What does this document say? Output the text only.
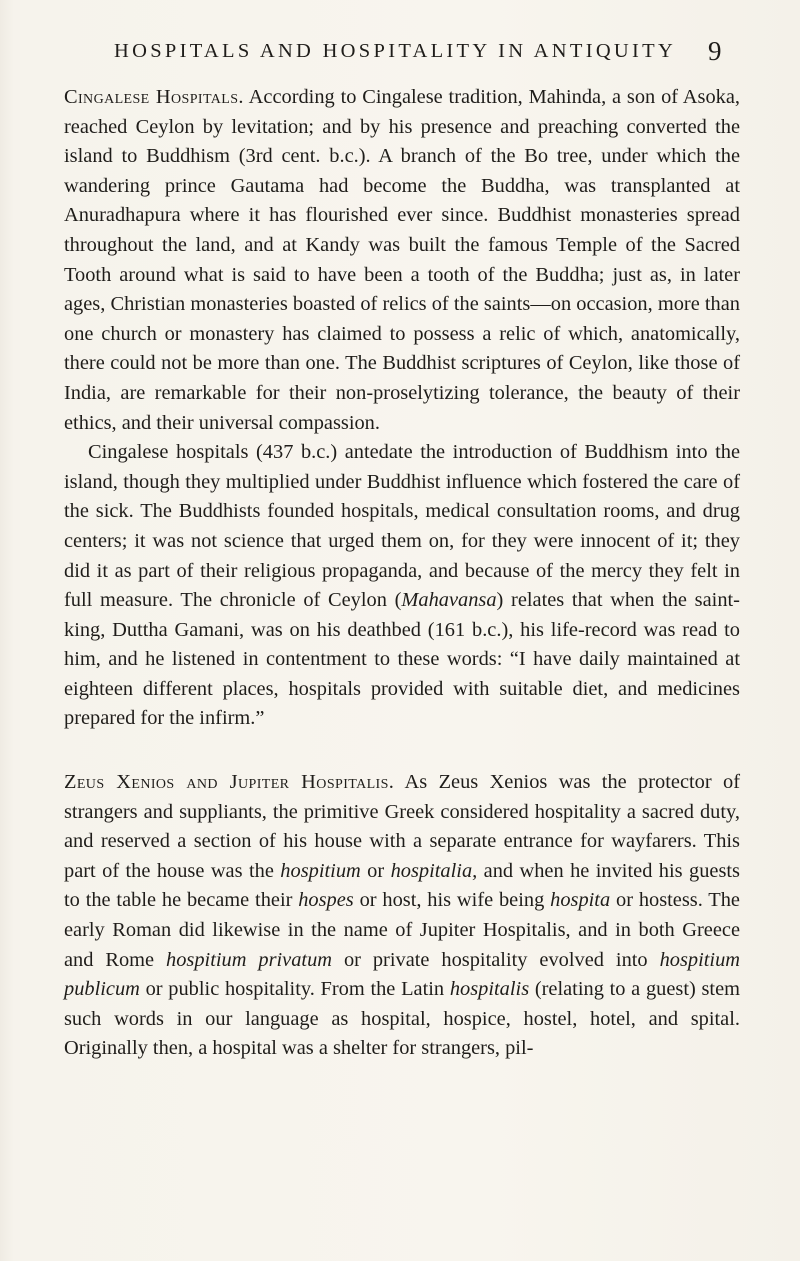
HOSPITALS AND HOSPITALITY IN ANTIQUITY	9

Cingalese Hospitals. According to Cingalese tradition, Mahinda, a son of Asoka, reached Ceylon by levitation; and by his presence and preaching converted the island to Buddhism (3rd cent. b.c.). A branch of the Bo tree, under which the wandering prince Gautama had become the Buddha, was transplanted at Anuradhapura where it has flourished ever since. Buddhist monasteries spread throughout the land, and at Kandy was built the famous Temple of the Sacred Tooth around what is said to have been a tooth of the Buddha; just as, in later ages, Christian monasteries boasted of relics of the saints—on occasion, more than one church or monastery has claimed to possess a relic of which, anatomically, there could not be more than one. The Buddhist scriptures of Ceylon, like those of India, are remarkable for their non-proselytizing tolerance, the beauty of their ethics, and their universal compassion.

Cingalese hospitals (437 b.c.) antedate the introduction of Buddhism into the island, though they multiplied under Buddhist influence which fostered the care of the sick. The Buddhists founded hospitals, medical consultation rooms, and drug centers; it was not science that urged them on, for they were innocent of it; they did it as part of their religious propaganda, and because of the mercy they felt in full measure. The chronicle of Ceylon (Mahavansa) relates that when the saint-king, Duttha Gamani, was on his deathbed (161 b.c.), his life-record was read to him, and he listened in contentment to these words: “I have daily maintained at eighteen different places, hospitals provided with suitable diet, and medicines prepared for the infirm.”

Zeus Xenios and Jupiter Hospitalis. As Zeus Xenios was the protector of strangers and suppliants, the primitive Greek considered hospitality a sacred duty, and reserved a section of his house with a separate entrance for wayfarers. This part of the house was the hospitium or hospitalia, and when he invited his guests to the table he became their hospes or host, his wife being hospita or hostess. The early Roman did likewise in the name of Jupiter Hospitalis, and in both Greece and Rome hospitium privatum or private hospitality evolved into hospitium publicum or public hospitality. From the Latin hospitalis (relating to a guest) stem such words in our language as hospital, hospice, hostel, hotel, and spital. Originally then, a hospital was a shelter for strangers, pil-
